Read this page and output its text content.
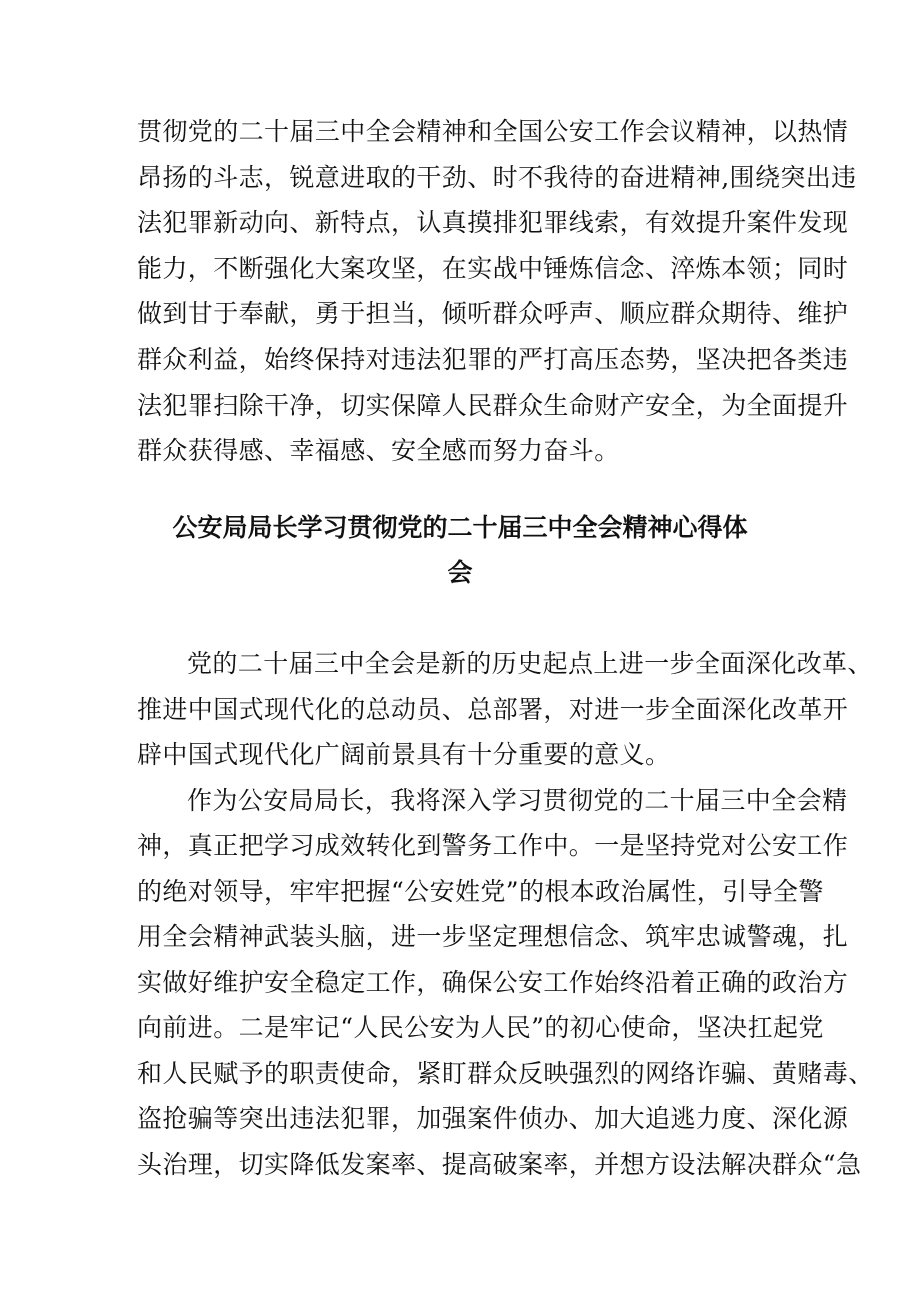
贯彻党的二十届三中全会精神和全国公安工作会议精神，以热情
昂扬的斗志，锐意进取的干劲、时不我待的奋进精神,围绕突出违
法犯罪新动向、新特点，认真摸排犯罪线索，有效提升案件发现
能力，不断强化大案攻坚，在实战中锤炼信念、淬炼本领；同时
做到甘于奉献，勇于担当，倾听群众呼声、顺应群众期待、维护
群众利益，始终保持对违法犯罪的严打高压态势，坚决把各类违
法犯罪扫除干净，切实保障人民群众生命财产安全，为全面提升
群众获得感、幸福感、安全感而努力奋斗。
公安局局长学习贯彻党的二十届三中全会精神心得体
会
党的二十届三中全会是新的历史起点上进一步全面深化改革、
推进中国式现代化的总动员、总部署，对进一步全面深化改革开
辟中国式现代化广阔前景具有十分重要的意义。
作为公安局局长，我将深入学习贯彻党的二十届三中全会精
神，真正把学习成效转化到警务工作中。一是坚持党对公安工作
的绝对领导，牢牢把握“公安姓党”的根本政治属性，引导全警
用全会精神武装头脑，进一步坚定理想信念、筑牢忠诚警魂，扎
实做好维护安全稳定工作，确保公安工作始终沿着正确的政治方
向前进。二是牢记“人民公安为人民”的初心使命，坚决扛起党
和人民赋予的职责使命，紧盯群众反映强烈的网络诈骗、黄赌毒、
盗抢骗等突出违法犯罪，加强案件侦办、加大追逃力度、深化源
头治理，切实降低发案率、提高破案率，并想方设法解决群众“急
